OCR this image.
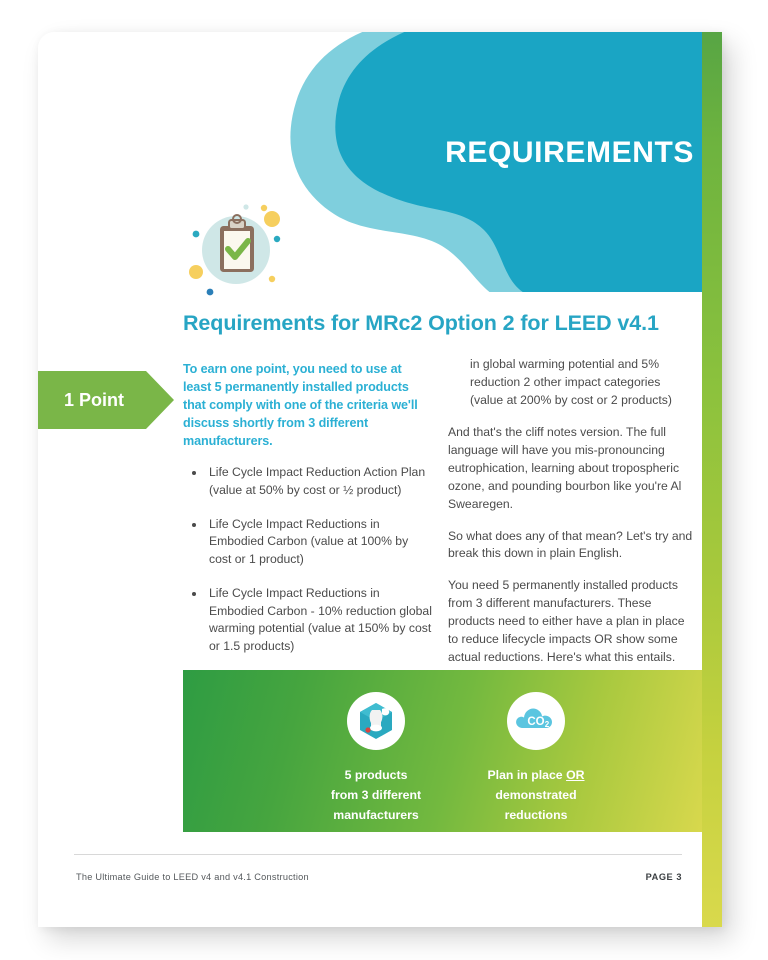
REQUIREMENTS
Requirements for MRc2 Option 2 for LEED v4.1
1 Point

To earn one point, you need to use at least 5 permanently installed products that comply with one of the criteria we'll discuss shortly from 3 different manufacturers.

Life Cycle Impact Reduction Action Plan (value at 50% by cost or ½ product)
Life Cycle Impact Reductions in Embodied Carbon (value at 100% by cost or 1 product)
Life Cycle Impact Reductions in Embodied Carbon - 10% reduction global warming potential (value at 150% by cost or 1.5 products)

in global warming potential and 5% reduction 2 other impact categories (value at 200% by cost or 2 products)

And that's the cliff notes version. The full language will have you mis-pronouncing eutrophication, learning about tropospheric ozone, and pounding bourbon like you're Al Swearegen.

So what does any of that mean? Let's try and break this down in plain English.

You need 5 permanently installed products from 3 different manufacturers. These products need to either have a plan in place to reduce lifecycle impacts OR show some actual reductions. Here's what this entails.

5 products
from 3 different
manufacturers
CO 2
Plan in place OR
demonstrated
reductions
The Ultimate Guide to LEED v4 and v4.1 Construction	PAGE 3
